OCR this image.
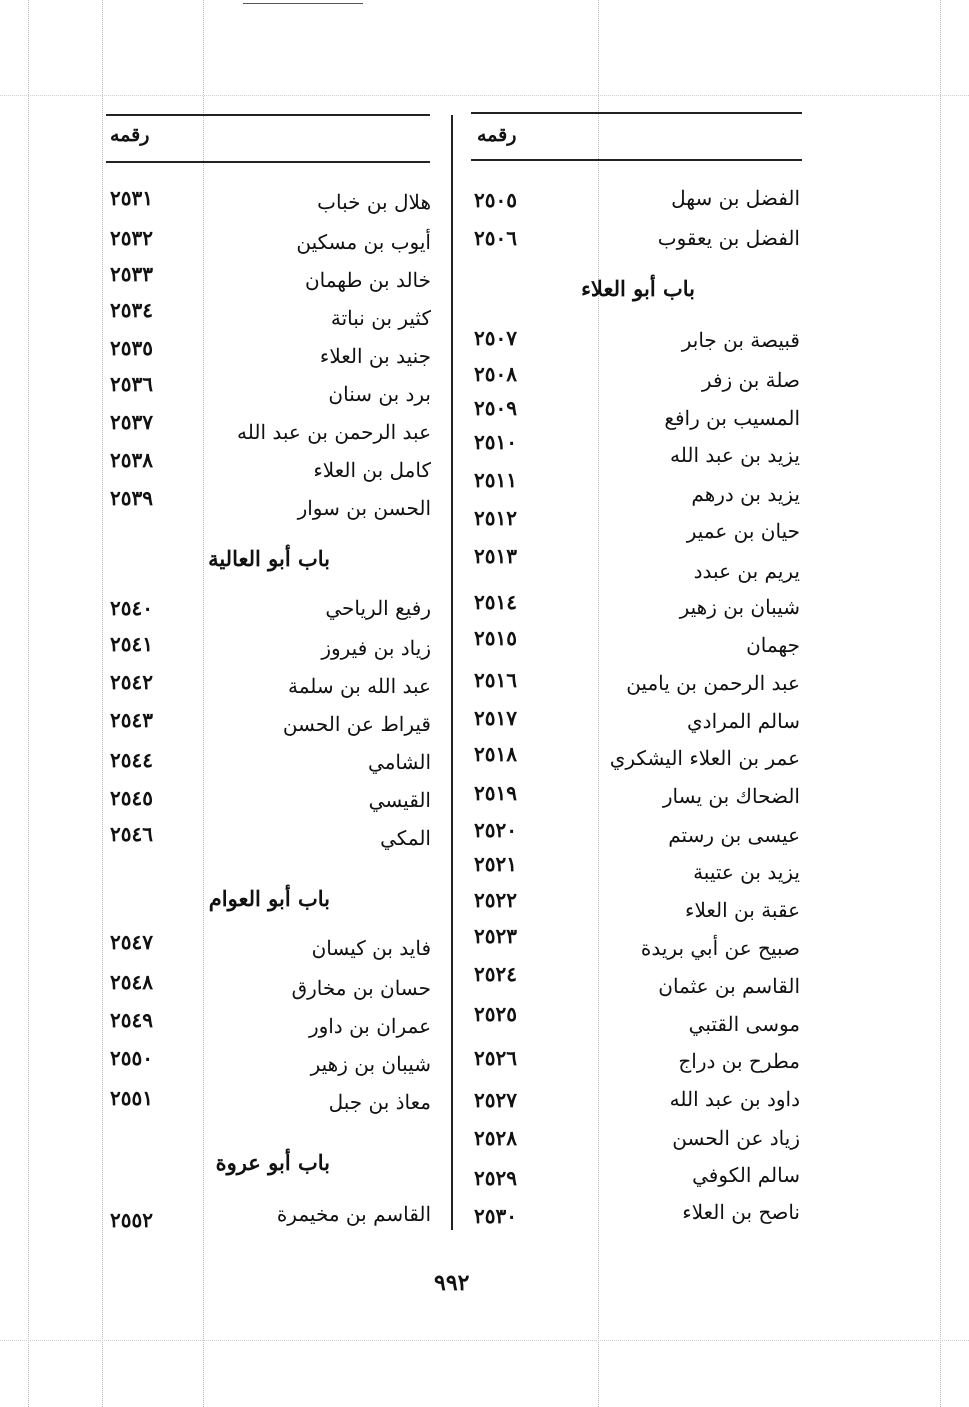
رقمه	رقمه
الفضل بن سهل
٢٥٠٥
الفضل بن يعقوب
٢٥٠٦
باب أبو العلاء
قبيصة بن جابر
٢٥٠٧
صلة بن زفر
٢٥٠٨
المسيب بن رافع
٢٥٠٩
يزيد بن عبد الله
٢٥١٠
يزيد بن درهم
٢٥١١
حيان بن عمير
٢٥١٢
يريم بن عبدد
٢٥١٣
شيبان بن زهير
٢٥١٤
جهمان
٢٥١٥
عبد الرحمن بن يامين
٢٥١٦
سالم المرادي
٢٥١٧
عمر بن العلاء اليشكري
٢٥١٨
الضحاك بن يسار
٢٥١٩
عيسى بن رستم
٢٥٢٠
يزيد بن عتيبة
٢٥٢١
عقبة بن العلاء
٢٥٢٢
صبيح عن أبي بريدة
٢٥٢٣
القاسم بن عثمان
٢٥٢٤
موسى القتبي
٢٥٢٥
مطرح بن دراج
٢٥٢٦
داود بن عبد الله
٢٥٢٧
زياد عن الحسن
٢٥٢٨
سالم الكوفي
٢٥٢٩
ناصح بن العلاء
٢٥٣٠
هلال بن خباب
٢٥٣١
أيوب بن مسكين
٢٥٣٢
خالد بن طهمان
٢٥٣٣
كثير بن نباتة
٢٥٣٤
جنيد بن العلاء
٢٥٣٥
برد بن سنان
٢٥٣٦
عبد الرحمن بن عبد الله
٢٥٣٧
كامل بن العلاء
٢٥٣٨
الحسن بن سوار
٢٥٣٩
باب أبو العالية
رفيع الرياحي
٢٥٤٠
زياد بن فيروز
٢٥٤١
عبد الله بن سلمة
٢٥٤٢
قيراط عن الحسن
٢٥٤٣
الشامي
٢٥٤٤
القيسي
٢٥٤٥
المكي
٢٥٤٦
باب أبو العوام
فايد بن كيسان
٢٥٤٧
حسان بن مخارق
٢٥٤٨
عمران بن داور
٢٥٤٩
شيبان بن زهير
٢٥٥٠
معاذ بن جبل
٢٥٥١
باب أبو عروة
القاسم بن مخيمرة
٢٥٥٢
٩٩٢
